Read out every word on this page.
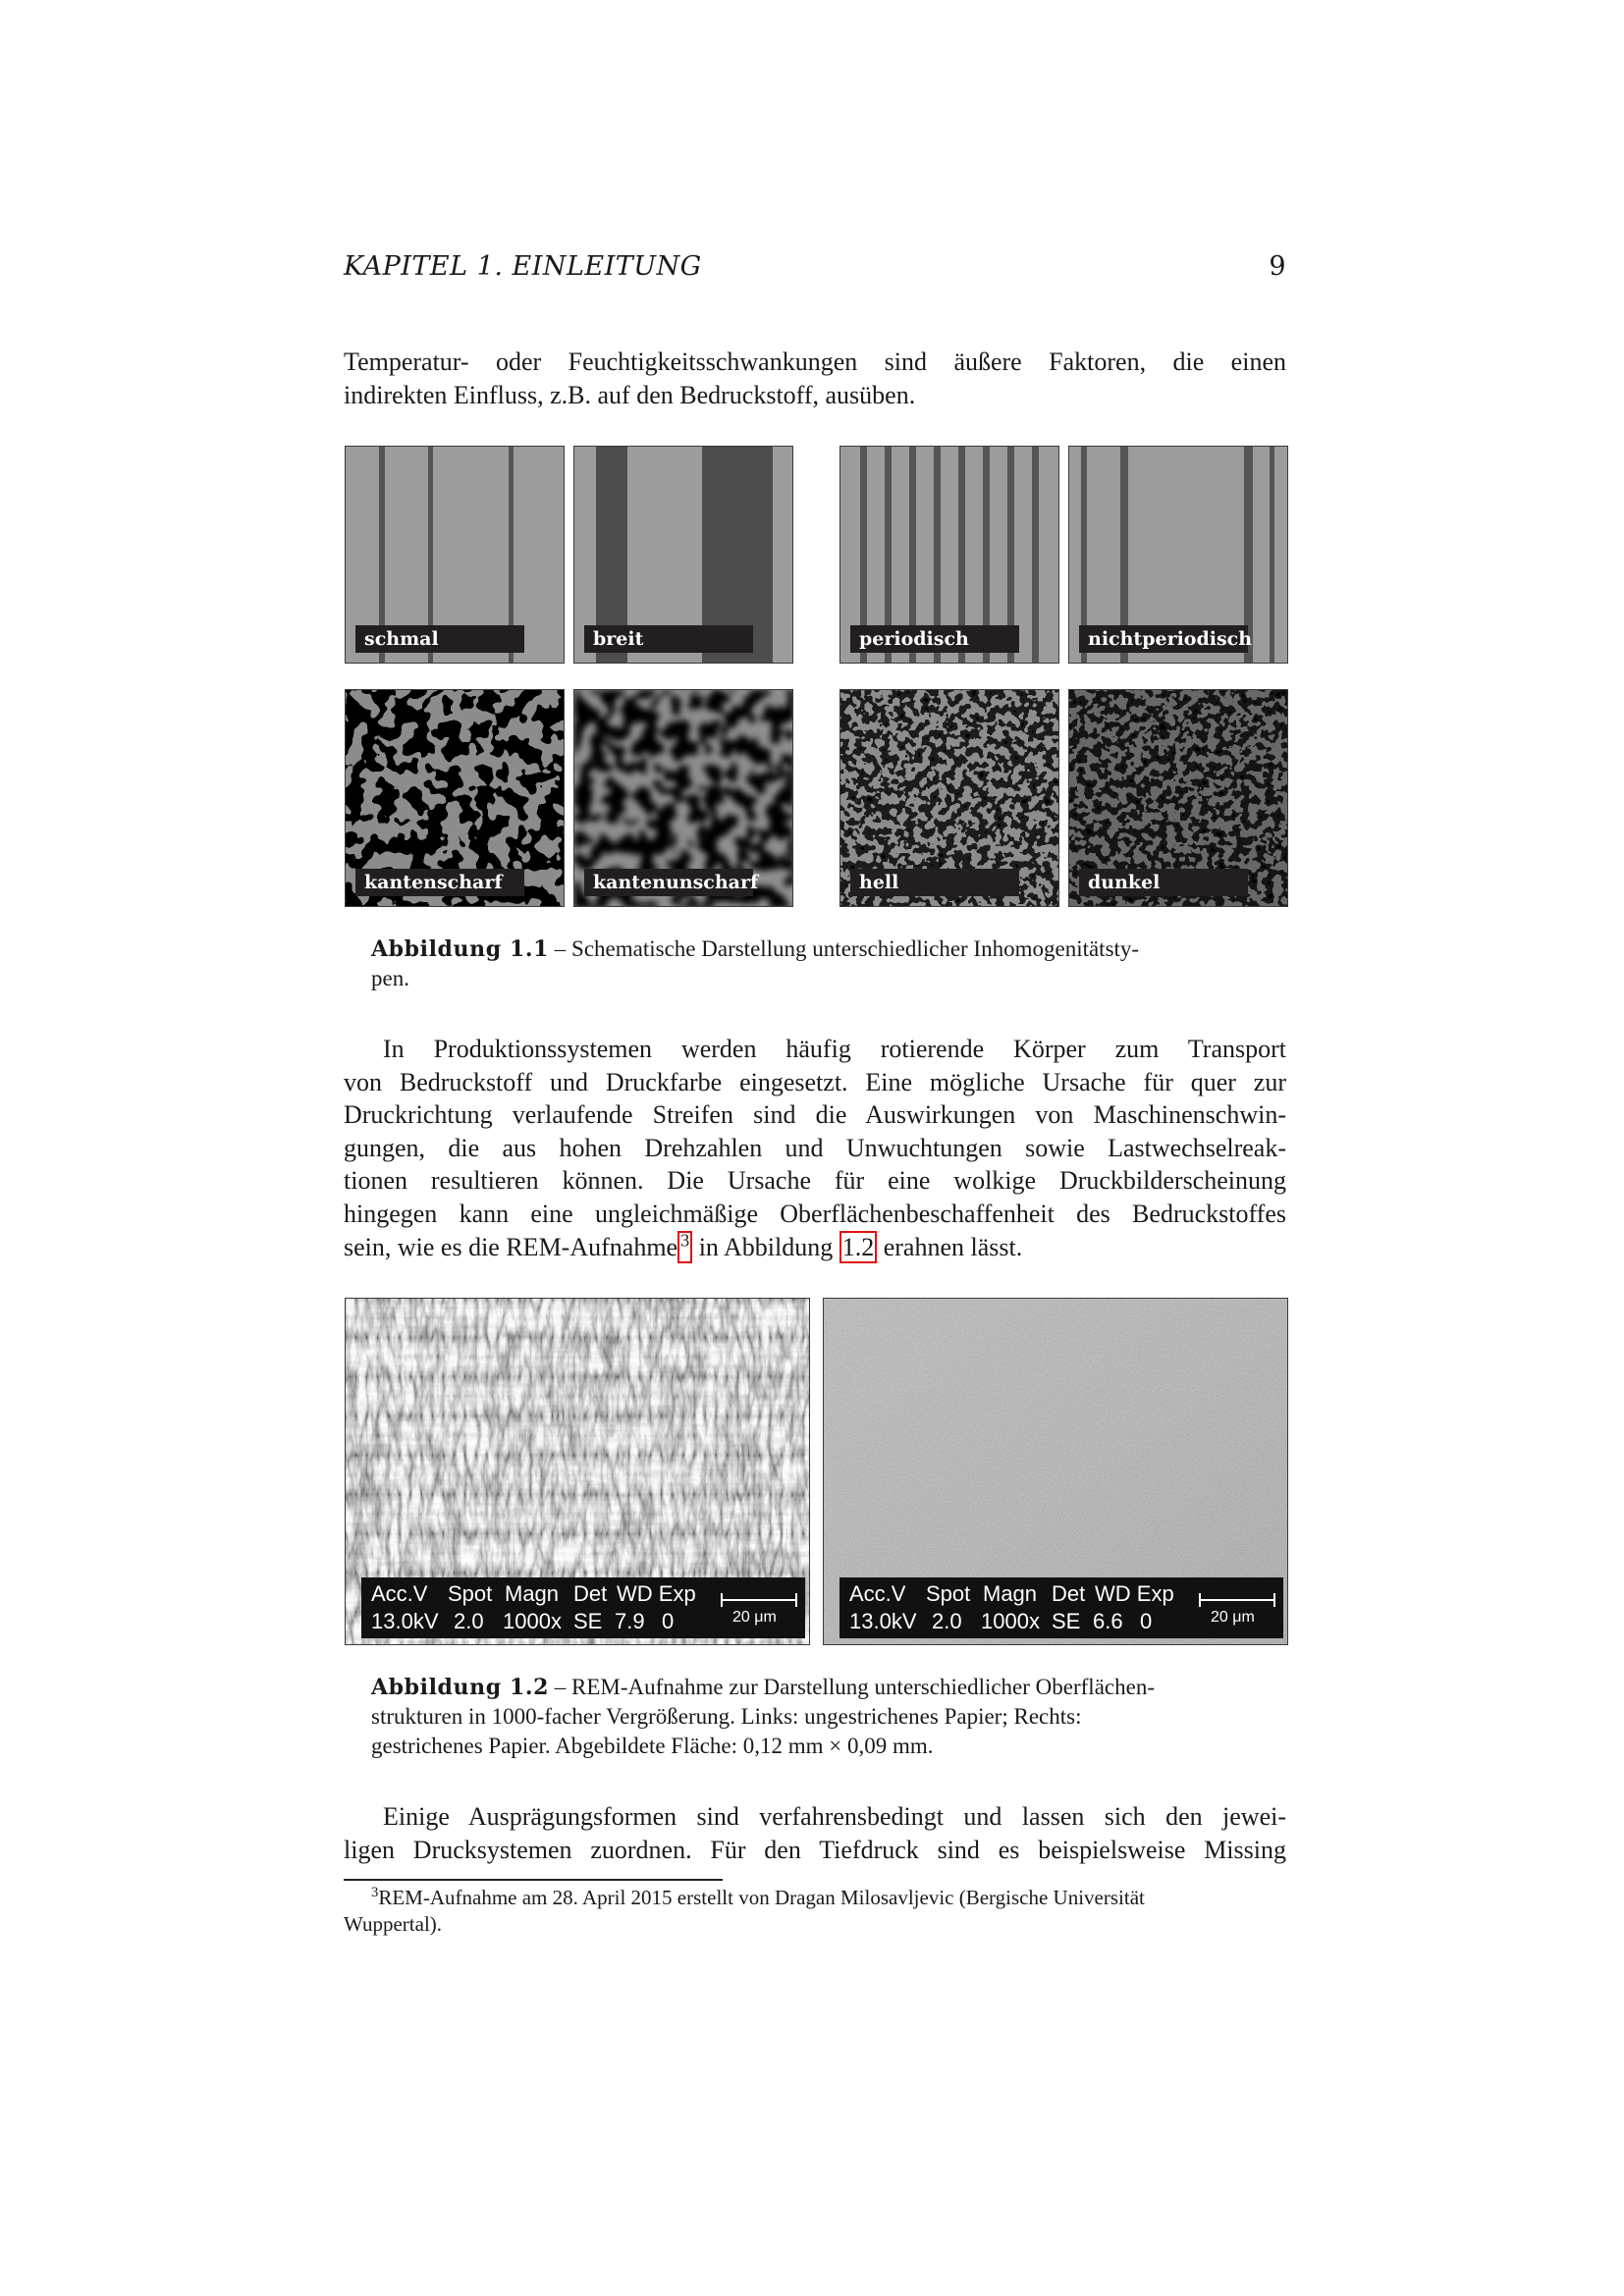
KAPITEL 1. EINLEITUNG	9
Temperatur- oder Feuchtigkeitsschwankungen sind äußere Faktoren, die einen
indirekten Einfluss, z.B. auf den Bedruckstoff, ausüben.
schmal	breit	periodisch	nichtperiodisch
kantenscharf	kantenunscharf	hell	dunkel
Abbildung 1.1 – Schematische Darstellung unterschiedlicher Inhomogenitätsty-
pen.
In Produktionssystemen werden häufig rotierende Körper zum Transport
von Bedruckstoff und Druckfarbe eingesetzt. Eine mögliche Ursache für quer zur
Druckrichtung verlaufende Streifen sind die Auswirkungen von Maschinenschwin-
gungen, die aus hohen Drehzahlen und Unwuchtungen sowie Lastwechselreak-
tionen resultieren können. Die Ursache für eine wolkige Druckbilderscheinung
hingegen kann eine ungleichmäßige Oberflächenbeschaffenheit des Bedruckstoffes
sein, wie es die REM-Aufnahme $^3$ in Abbildung 1.2 erahnen lässt.
Acc.V Spot Magn Det WD Exp
13.0kV 2.0 1000x SE 7.9 0	20 μm
Acc.V Spot Magn Det WD Exp
13.0kV 2.0 1000x SE 6.6 0	20 μm
Abbildung 1.2 – REM-Aufnahme zur Darstellung unterschiedlicher Oberflächen-
strukturen in 1000-facher Vergrößerung. Links: ungestrichenes Papier; Rechts:
gestrichenes Papier. Abgebildete Fläche: 0,12 mm × 0,09 mm.
Einige Ausprägungsformen sind verfahrensbedingt und lassen sich den jewei-
ligen Drucksystemen zuordnen. Für den Tiefdruck sind es beispielsweise Missing
$^3$REM-Aufnahme am 28. April 2015 erstellt von Dragan Milosavljevic (Bergische Universität
Wuppertal).
